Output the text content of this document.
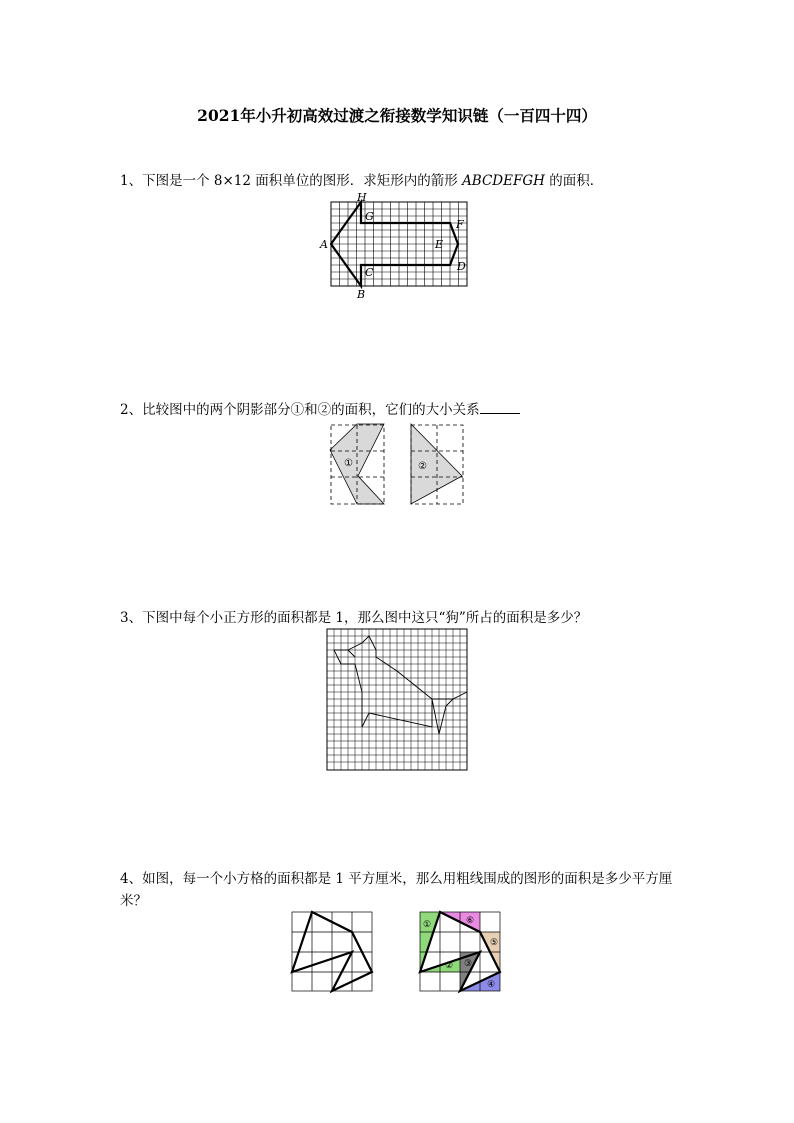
2021年小升初高效过渡之衔接数学知识链（一百四十四）
1、下图是一个 8×12 面积单位的图形．求矩形内的箭形 ABCDEFGH 的面积．
H
G
A	E
F
D
C
B
2、比较图中的两个阴影部分①和②的面积，它们的大小关系
①	②
3、下图中每个小正方形的面积都是 1，那么图中这只“狗”所占的面积是多少？
4、如图，每一个小方格的面积都是 1 平方厘米，那么用粗线围成的图形的面积是多少平方厘米？
①
② ③
④
⑤
⑥
